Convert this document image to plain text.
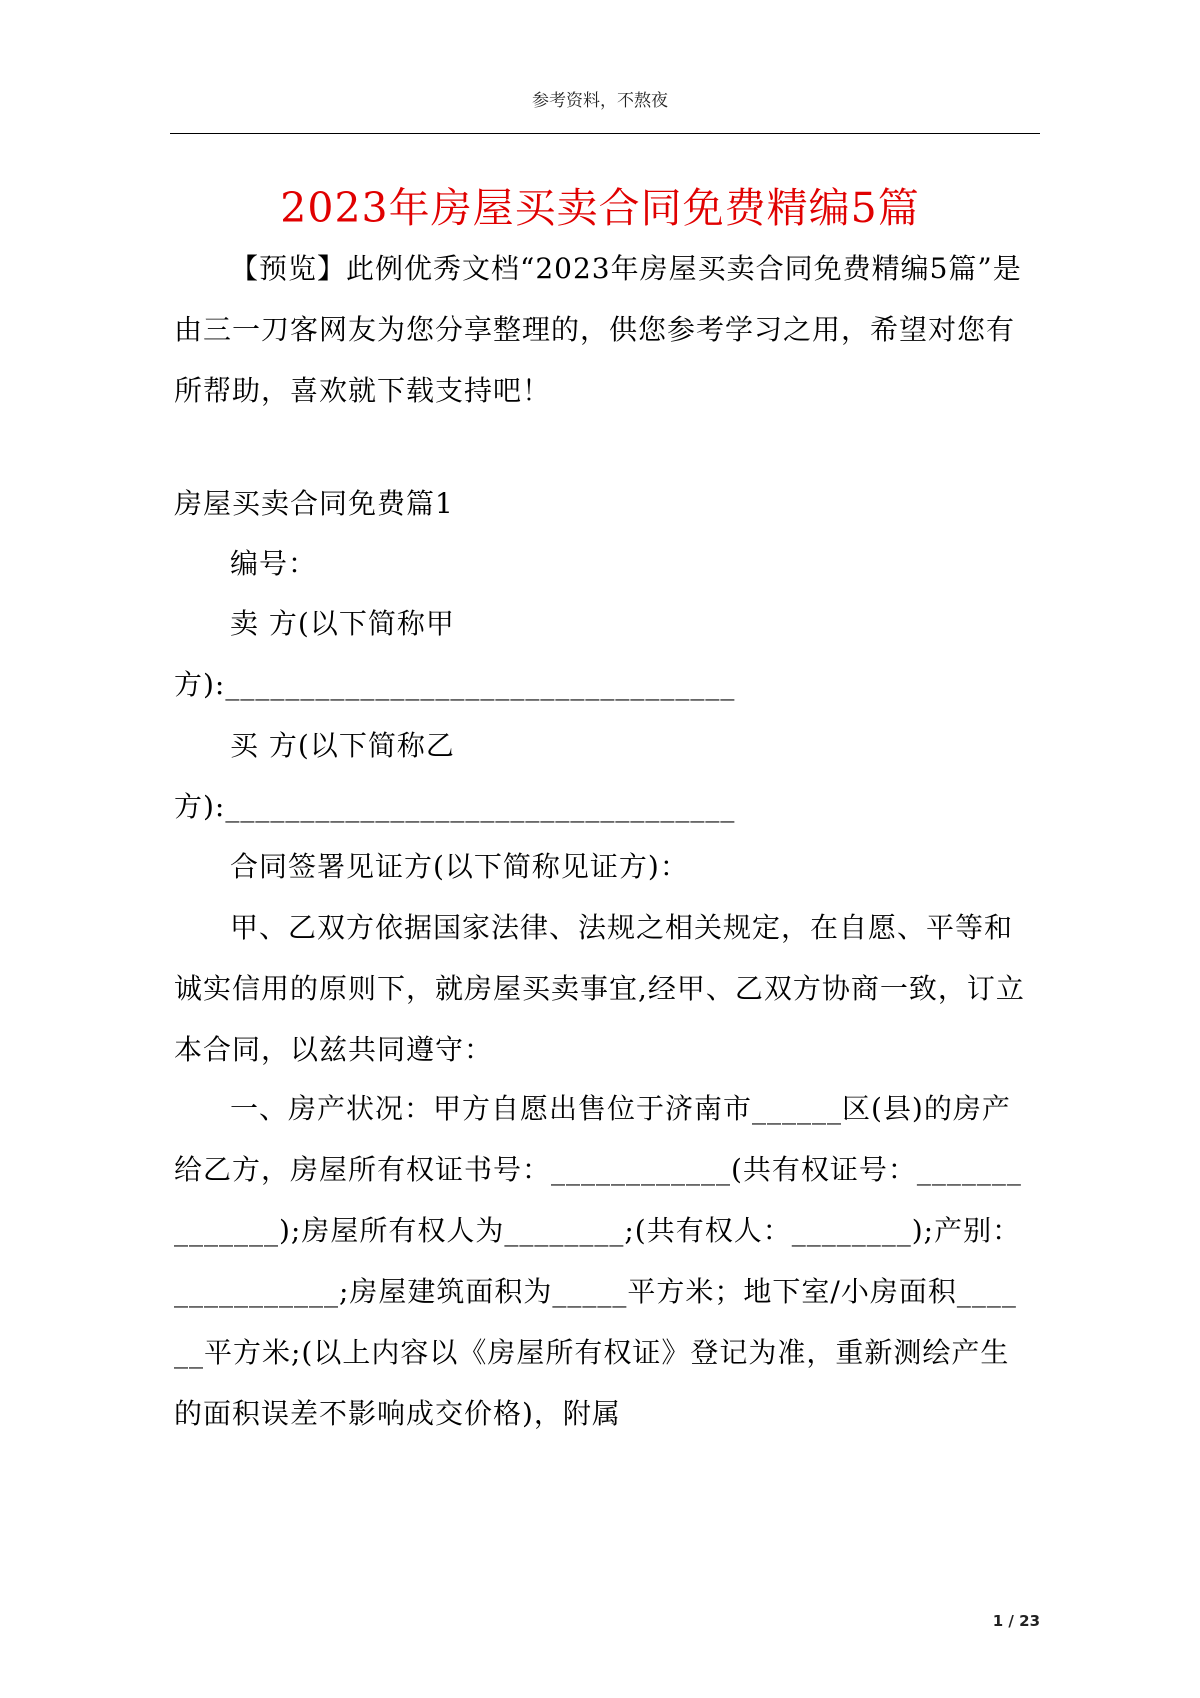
参考资料，不熬夜
2023年房屋买卖合同免费精编5篇

【预览】此例优秀文档“2023年房屋买卖合同免费精编5篇”是由三一刀客网友为您分享整理的，供您参考学习之用，希望对您有所帮助，喜欢就下载支持吧！

房屋买卖合同免费篇1

编号：

卖 方(以下简称甲

方):__________________________________

买 方(以下简称乙

方):__________________________________

合同签署见证方(以下简称见证方)：

甲、乙双方依据国家法律、法规之相关规定，在自愿、平等和诚实信用的原则下，就房屋买卖事宜,经甲、乙双方协商一致，订立本合同，以兹共同遵守：

一、房产状况：甲方自愿出售位于济南市______区(县)的房产给乙方，房屋所有权证书号：____________(共有权证号：______________);房屋所有权人为________;(共有权人：________);产别：___________;房屋建筑面积为_____平方米；地下室/小房面积______平方米;(以上内容以《房屋所有权证》登记为准，重新测绘产生的面积误差不影响成交价格)，附属

1 / 23
